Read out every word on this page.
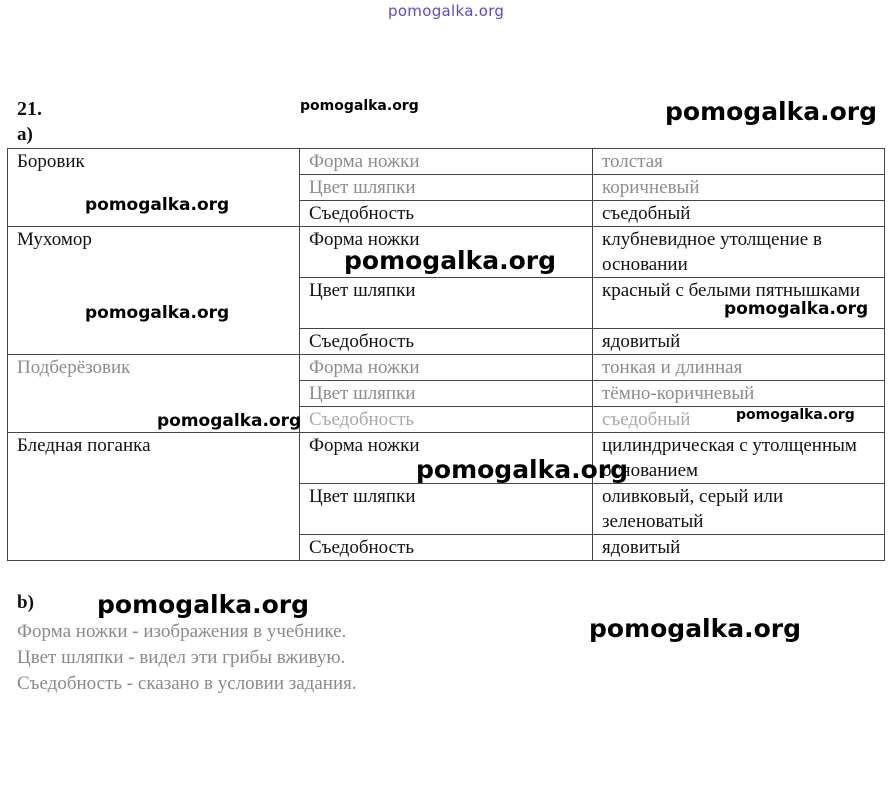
pomogalka.org
21.
а)
Боровик	Форма ножки	толстая
	Цвет шляпки	коричневый
	Съедобность	съедобный
Мухомор	Форма ножки	клубневидное утолщение в основании
	Цвет шляпки	красный с белыми пятнышками
	Съедобность	ядовитый
Подберёзовик	Форма ножки	тонкая и длинная
	Цвет шляпки	тёмно-коричневый
	Съедобность	съедобный
Бледная поганка	Форма ножки	цилиндрическая с утолщенным основанием
	Цвет шляпки	оливковый, серый или зеленоватый
	Съедобность	ядовитый
b)
Форма ножки - изображения в учебнике.
Цвет шляпки - видел эти грибы вживую.
Съедобность - сказано в условии задания.
pomogalka.org	pomogalka.org
pomogalka.org
pomogalka.org
pomogalka.org	pomogalka.org
pomogalka.org	pomogalka.org
pomogalka.org
pomogalka.org
pomogalka.org
